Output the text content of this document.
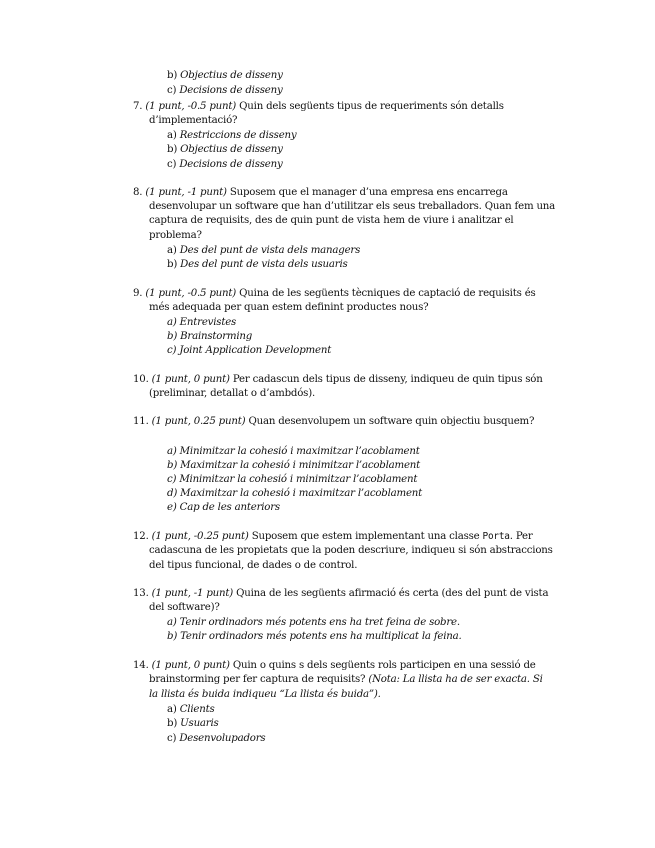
b) Objectius de disseny
c) Decisions de disseny
7. (1 punt, -0.5 punt) Quin dels següents tipus de requeriments són detalls
d’implementació?
a) Restriccions de disseny
b) Objectius de disseny
c) Decisions de disseny
8. (1 punt, -1 punt) Suposem que el manager d’una empresa ens encarrega
desenvolupar un software que han d’utilitzar els seus treballadors. Quan fem una
captura de requisits, des de quin punt de vista hem de viure i analitzar el
problema?
a) Des del punt de vista dels managers
b) Des del punt de vista dels usuaris
9. (1 punt, -0.5 punt) Quina de les següents tècniques de captació de requisits és
més adequada per quan estem definint productes nous?
a) Entrevistes
b) Brainstorming
c) Joint Application Development
10. (1 punt, 0 punt) Per cadascun dels tipus de disseny, indiqueu de quin tipus són
(preliminar, detallat o d’ambdós).
11. (1 punt, 0.25 punt) Quan desenvolupem un software quin objectiu busquem?
a) Minimitzar la cohesió i maximitzar l’acoblament
b) Maximitzar la cohesió i minimitzar l’acoblament
c) Minimitzar la cohesió i minimitzar l’acoblament
d) Maximitzar la cohesió i maximitzar l’acoblament
e) Cap de les anteriors
12. (1 punt, -0.25 punt) Suposem que estem implementant una classe Porta. Per
cadascuna de les propietats que la poden descriure, indiqueu si són abstraccions
del tipus funcional, de dades o de control.
13. (1 punt, -1 punt) Quina de les següents afirmació és certa (des del punt de vista
del software)?
a) Tenir ordinadors més potents ens ha tret feina de sobre.
b) Tenir ordinadors més potents ens ha multiplicat la feina.
14. (1 punt, 0 punt) Quin o quins s dels següents rols participen en una sessió de
brainstorming per fer captura de requisits? (Nota: La llista ha de ser exacta. Si
la llista és buida indiqueu “La llista és buida”).
a) Clients
b) Usuaris
c) Desenvolupadors
